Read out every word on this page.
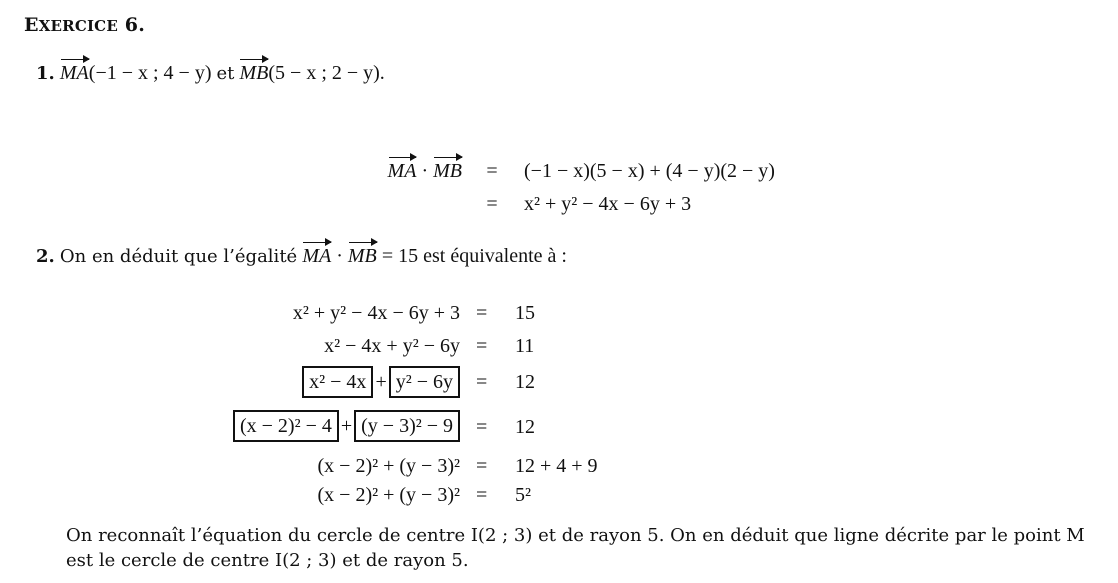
EXERCICE 6.
1. MA(−1 − x ; 4 − y) et MB(5 − x ; 2 − y).
MA · MB = (−1 − x)(5 − x) + (4 − y)(2 − y)
= x² + y² − 4x − 6y + 3
2. On en déduit que l’égalité MA · MB = 15 est équivalente à :
x² + y² − 4x − 6y + 3 = 15
x² − 4x + y² − 6y = 11
x² − 4x + y² − 6y	= 12
(x − 2)² − 4 + (y − 3)² − 9	= 12
(x − 2)² + (y − 3)² = 12 + 4 + 9
(x − 2)² + (y − 3)² = 5²
On reconnaît l’équation du cercle de centre I(2 ; 3) et de rayon 5. On en déduit que ligne décrite par le point M
est le cercle de centre I(2 ; 3) et de rayon 5.
